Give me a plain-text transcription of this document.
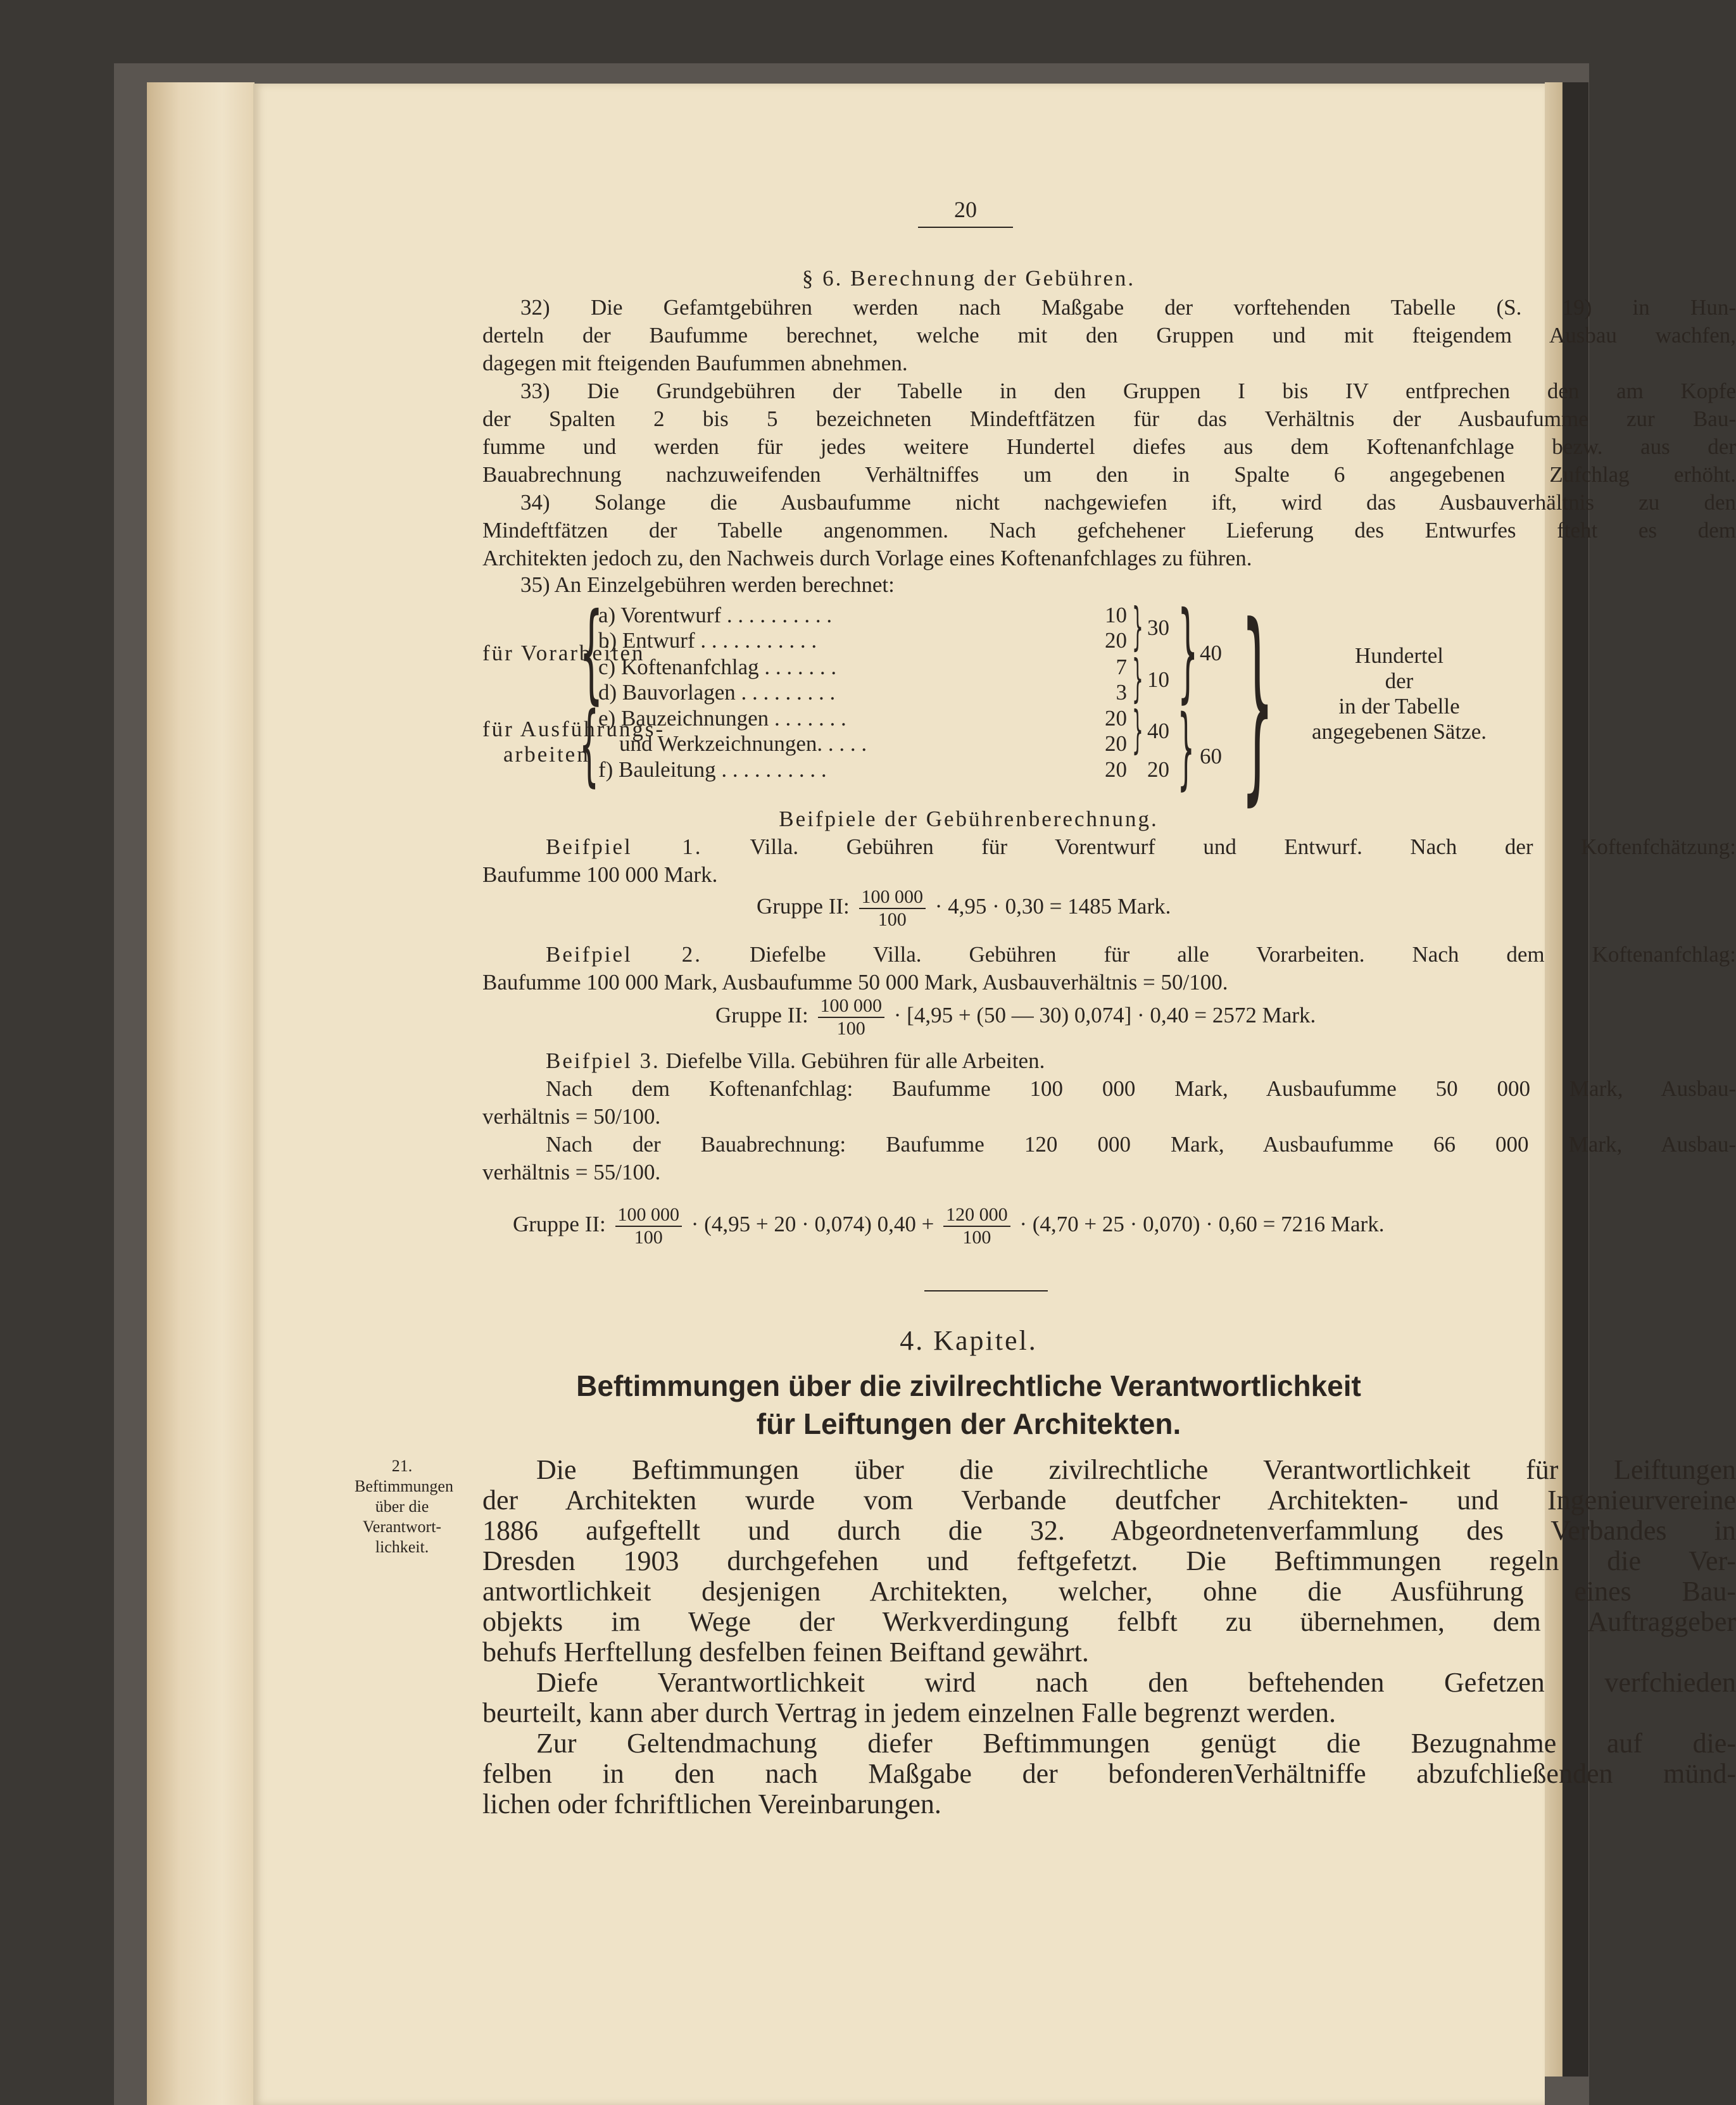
20
§ 6. Berechnung der Gebühren.
32) Die Gefamtgebühren werden nach Maßgabe der vorftehenden Tabelle (S. 19) in Hun-
derteln der Baufumme berechnet, welche mit den Gruppen und mit fteigendem Ausbau wachfen,
dagegen mit fteigenden Baufummen abnehmen.
33) Die Grundgebühren der Tabelle in den Gruppen I bis IV entfprechen den am Kopfe
der Spalten 2 bis 5 bezeichneten Mindeftfätzen für das Verhältnis der Ausbaufumme zur Bau-
fumme und werden für jedes weitere Hundertel diefes aus dem Koftenanfchlage bezw. aus der
Bauabrechnung nachzuweifenden Verhältniffes um den in Spalte 6 angegebenen Zufchlag erhöht.
34) Solange die Ausbaufumme nicht nachgewiefen ift, wird das Ausbauverhältnis zu den
Mindeftfätzen der Tabelle angenommen. Nach gefchehener Lieferung des Entwurfes fteht es dem
Architekten jedoch zu, den Nachweis durch Vorlage eines Koftenanfchlages zu führen.
35) An Einzelgebühren werden berechnet:
für Vorarbeiten
für Ausführungs-
arbeiten
{
{
a) Vorentwurf . . . . . . . . . .
b) Entwurf . . . . . . . . . . .
c) Koftenanfchlag . . . . . . .
d) Bauvorlagen . . . . . . . . .
e) Bauzeichnungen . . . . . . .
und Werkzeichnungen. . . . .
f) Bauleitung . . . . . . . . . .
10
20
7
3
20
20
20
}
}
}
30
10
40
20
}
}
40
60 }	Hundertel
der
in der Tabelle
angegebenen Sätze.
Beifpiele der Gebührenberechnung.
Beifpiel 1. Villa. Gebühren für Vorentwurf und Entwurf. Nach der Koftenfchätzung:
Baufumme 100 000 Mark.
Gruppe II: $\frac{100 000}{100} \cdot 4,95 \cdot 0,30 = 1485$ Mark.
Beifpiel 2. Diefelbe Villa. Gebühren für alle Vorarbeiten. Nach dem Koftenanfchlag:
Baufumme 100 000 Mark, Ausbaufumme 50 000 Mark, Ausbauverhältnis = 50/100.
Gruppe II: $\frac{100 000}{100} \cdot [4,95 + (50$ — 30) 0,074] · 0,40 = 2572 Mark.
Beifpiel 3. Diefelbe Villa. Gebühren für alle Arbeiten.
Nach dem Koftenanfchlag: Baufumme 100 000 Mark, Ausbaufumme 50 000 Mark, Ausbau-
verhältnis = 50/100.
Nach der Bauabrechnung: Baufumme 120 000 Mark, Ausbaufumme 66 000 Mark, Ausbau-
verhältnis = 55/100.
Gruppe II: $\frac{100 000}{100} \cdot (4,95 + 20 \cdot 0,074) 0,40 + \frac{120 000}{100} \cdot (4,70 + 25 \cdot 0,070) \cdot 0,60 = 7216$ Mark.
4. Kapitel.
Beftimmungen über die zivilrechtliche Verantwortlichkeit
für Leiftungen der Architekten.
21.
Beftimmungen
über die
Verantwort-
lichkeit.
Die Beftimmungen über die zivilrechtliche Verantwortlichkeit für Leiftungen
der Architekten wurde vom Verbande deutfcher Architekten- und Ingenieurvereine
1886 aufgeftellt und durch die 32. Abgeordnetenverfammlung des Verbandes in
Dresden 1903 durchgefehen und feftgefetzt. Die Beftimmungen regeln die Ver-
antwortlichkeit desjenigen Architekten, welcher, ohne die Ausführung eines Bau-
objekts im Wege der Werkverdingung felbft zu übernehmen, dem Auftraggeber
behufs Herftellung desfelben feinen Beiftand gewährt.
Diefe Verantwortlichkeit wird nach den beftehenden Gefetzen verfchieden
beurteilt, kann aber durch Vertrag in jedem einzelnen Falle begrenzt werden.
Zur Geltendmachung diefer Beftimmungen genügt die Bezugnahme auf die-
felben in den nach Maßgabe der befonderenVerhältniffe abzufchließenden münd-
lichen oder fchriftlichen Vereinbarungen.
